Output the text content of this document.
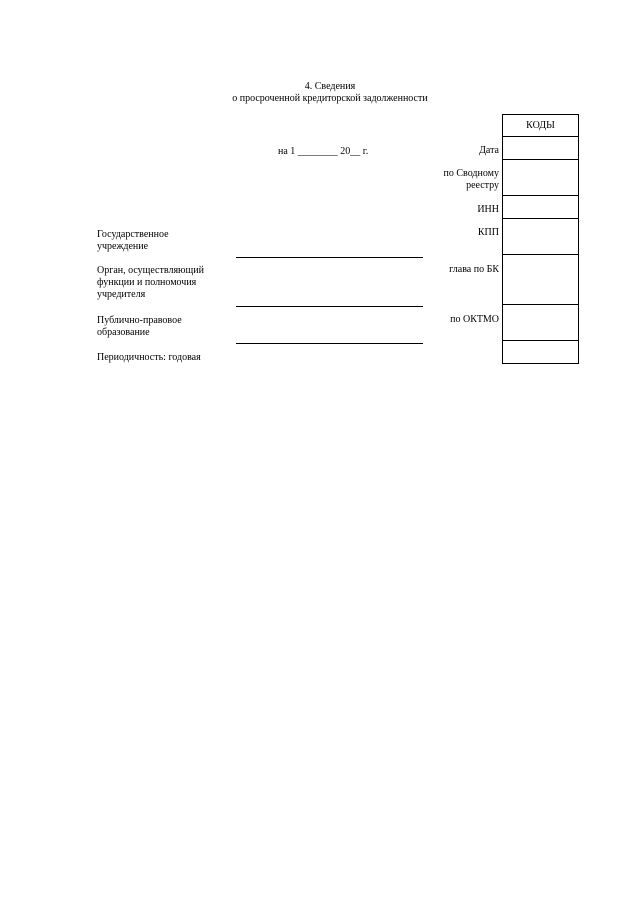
4. Сведения
о просроченной кредиторской задолженности
на 1 ________ 20__ г.	Дата
по Сводному
реестру
ИНН
КПП
глава по БК
по ОКТМО
КОДЫ

Государственное
учреждение
Орган, осуществляющий
функции и полномочия
учредителя
Публично-правовое
образование
Периодичность: годовая
